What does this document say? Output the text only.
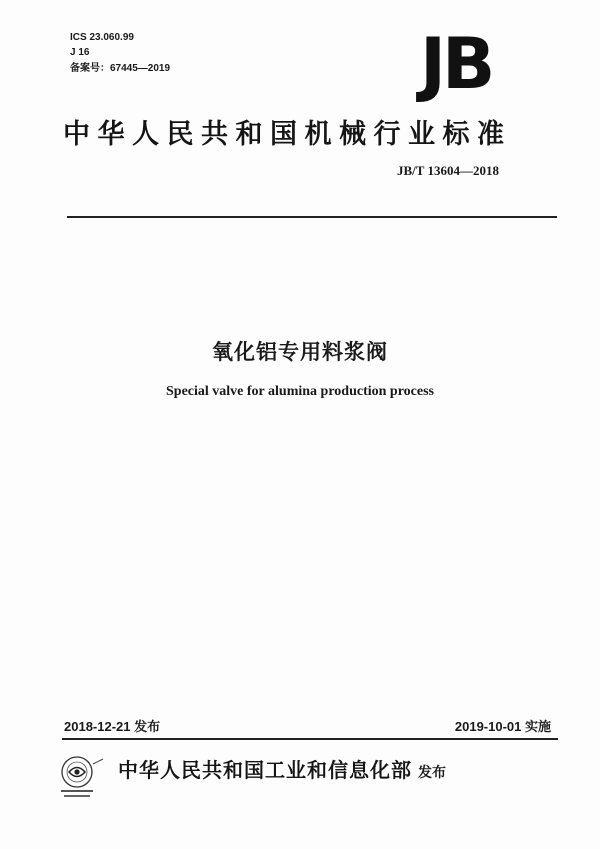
ICS 23.060.99
J 16
备案号：67445—2019	JB
中华人民共和国机械行业标准
JB/T 13604—2018
氧化铝专用料浆阀
Special valve for alumina production process
2018-12-21 发布	2019-10-01 实施
中华人民共和国工业和信息化部 发布
